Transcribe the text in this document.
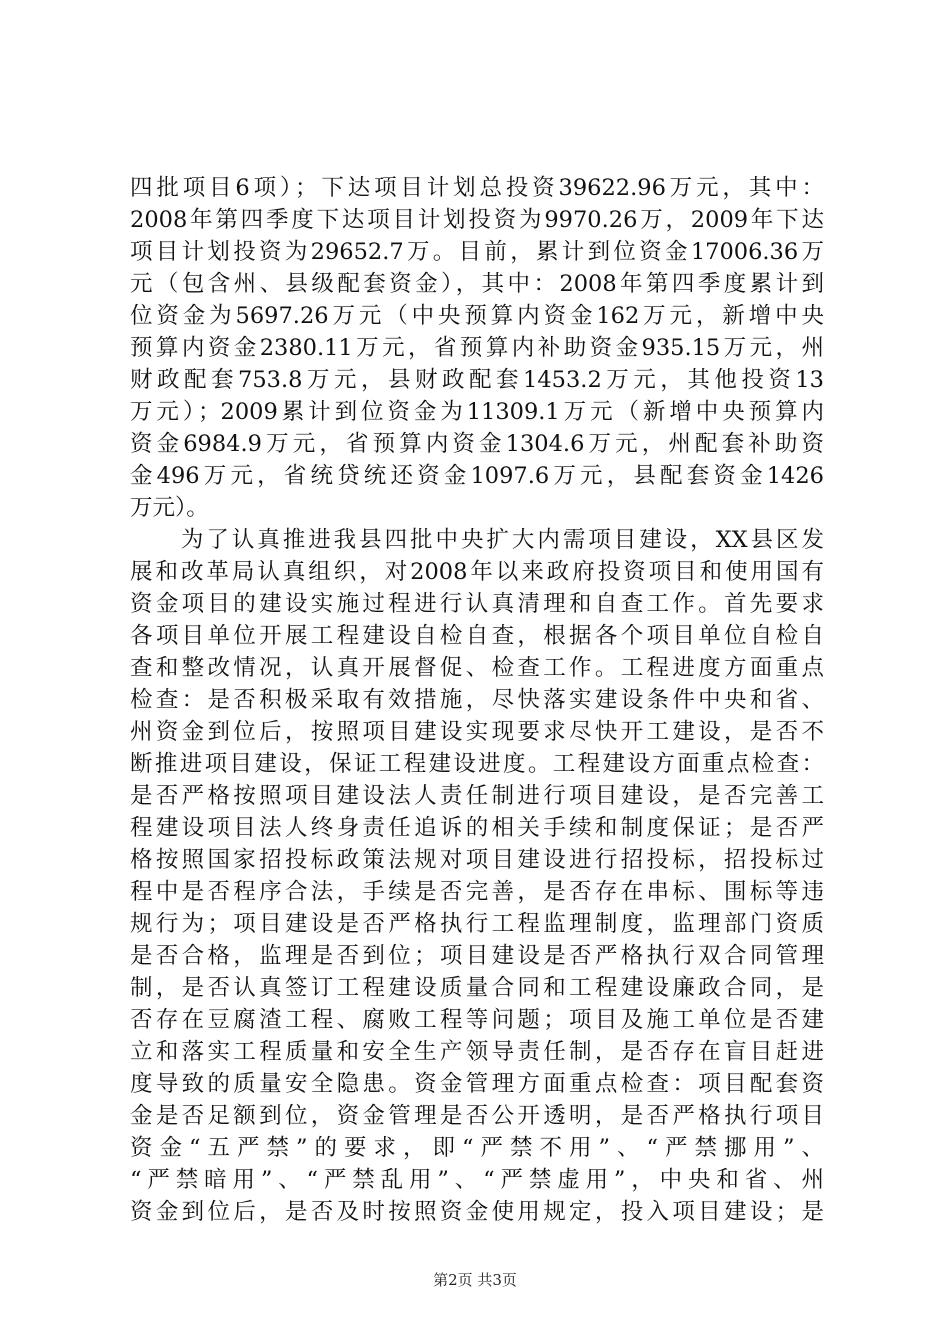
四批项目6项）；下达项目计划总投资39622.96万元，其中：
2008年第四季度下达项目计划投资为9970.26万，2009年下达
项目计划投资为29652.7万。目前，累计到位资金17006.36万
元（包含州、县级配套资金），其中：2008年第四季度累计到
位资金为5697.26万元（中央预算内资金162万元，新增中央
预算内资金2380.11万元，省预算内补助资金935.15万元，州
财政配套753.8万元，县财政配套1453.2万元，其他投资13
万元）；2009累计到位资金为11309.1万元（新增中央预算内
资金6984.9万元，省预算内资金1304.6万元，州配套补助资
金496万元，省统贷统还资金1097.6万元，县配套资金1426
万元）。
　　为了认真推进我县四批中央扩大内需项目建设，XX县区发
展和改革局认真组织，对2008年以来政府投资项目和使用国有
资金项目的建设实施过程进行认真清理和自查工作。首先要求
各项目单位开展工程建设自检自查，根据各个项目单位自检自
查和整改情况，认真开展督促、检查工作。工程进度方面重点
检查：是否积极采取有效措施，尽快落实建设条件中央和省、
州资金到位后，按照项目建设实现要求尽快开工建设，是否不
断推进项目建设，保证工程建设进度。工程建设方面重点检查：
是否严格按照项目建设法人责任制进行项目建设，是否完善工
程建设项目法人终身责任追诉的相关手续和制度保证；是否严
格按照国家招投标政策法规对项目建设进行招投标，招投标过
程中是否程序合法，手续是否完善，是否存在串标、围标等违
规行为；项目建设是否严格执行工程监理制度，监理部门资质
是否合格，监理是否到位；项目建设是否严格执行双合同管理
制，是否认真签订工程建设质量合同和工程建设廉政合同，是
否存在豆腐渣工程、腐败工程等问题；项目及施工单位是否建
立和落实工程质量和安全生产领导责任制，是否存在盲目赶进
度导致的质量安全隐患。资金管理方面重点检查：项目配套资
金是否足额到位，资金管理是否公开透明，是否严格执行项目
资金“五严禁”的要求，即“严禁不用”、“严禁挪用”、
“严禁暗用”、“严禁乱用”、“严禁虚用”，中央和省、州
资金到位后，是否及时按照资金使用规定，投入项目建设；是
第2页 共3页
